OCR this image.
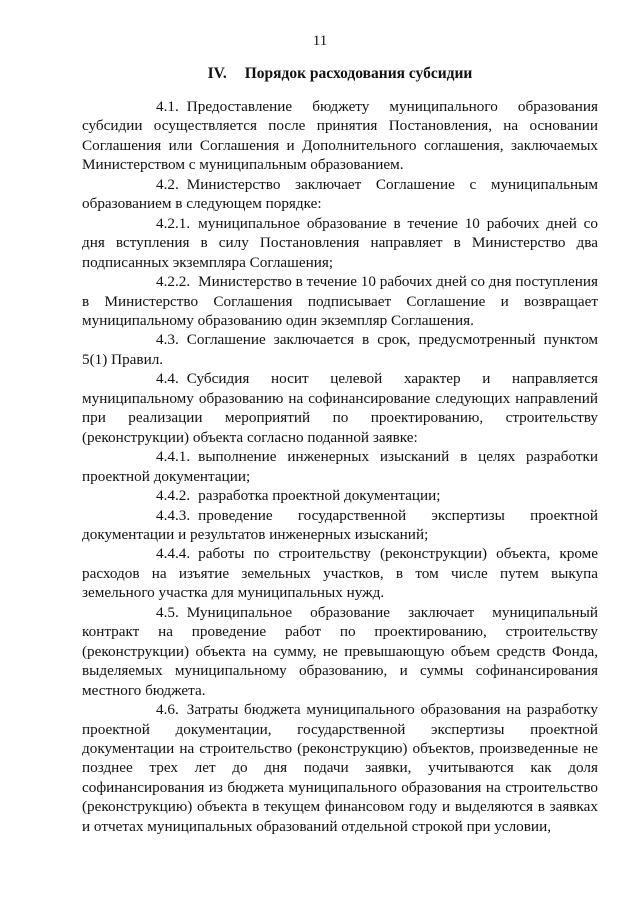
11
IV. Порядок расходования субсидии

4.1. Предоставление бюджету муниципального образования субсидии осуществляется после принятия Постановления, на основании Соглашения или Соглашения и Дополнительного соглашения, заключаемых Министерством с муниципальным образованием.

4.2. Министерство заключает Соглашение с муниципальным образованием в следующем порядке:

4.2.1. муниципальное образование в течение 10 рабочих дней со дня вступления в силу Постановления направляет в Министерство два подписанных экземпляра Соглашения;

4.2.2. Министерство в течение 10 рабочих дней со дня поступления в Министерство Соглашения подписывает Соглашение и возвращает муниципальному образованию один экземпляр Соглашения.

4.3. Соглашение заключается в срок, предусмотренный пунктом 5(1) Правил.

4.4. Субсидия носит целевой характер и направляется муниципальному образованию на софинансирование следующих направлений при реализации мероприятий по проектированию, строительству (реконструкции) объекта согласно поданной заявке:

4.4.1. выполнение инженерных изысканий в целях разработки проектной документации;

4.4.2. разработка проектной документации;

4.4.3. проведение государственной экспертизы проектной документации и результатов инженерных изысканий;

4.4.4. работы по строительству (реконструкции) объекта, кроме расходов на изъятие земельных участков, в том числе путем выкупа земельного участка для муниципальных нужд.

4.5. Муниципальное образование заключает муниципальный контракт на проведение работ по проектированию, строительству (реконструкции) объекта на сумму, не превышающую объем средств Фонда, выделяемых муниципальному образованию, и суммы софинансирования местного бюджета.

4.6. Затраты бюджета муниципального образования на разработку проектной документации, государственной экспертизы проектной документации на строительство (реконструкцию) объектов, произведенные не позднее трех лет до дня подачи заявки, учитываются как доля софинансирования из бюджета муниципального образования на строительство (реконструкцию) объекта в текущем финансовом году и выделяются в заявках и отчетах муниципальных образований отдельной строкой при условии,
